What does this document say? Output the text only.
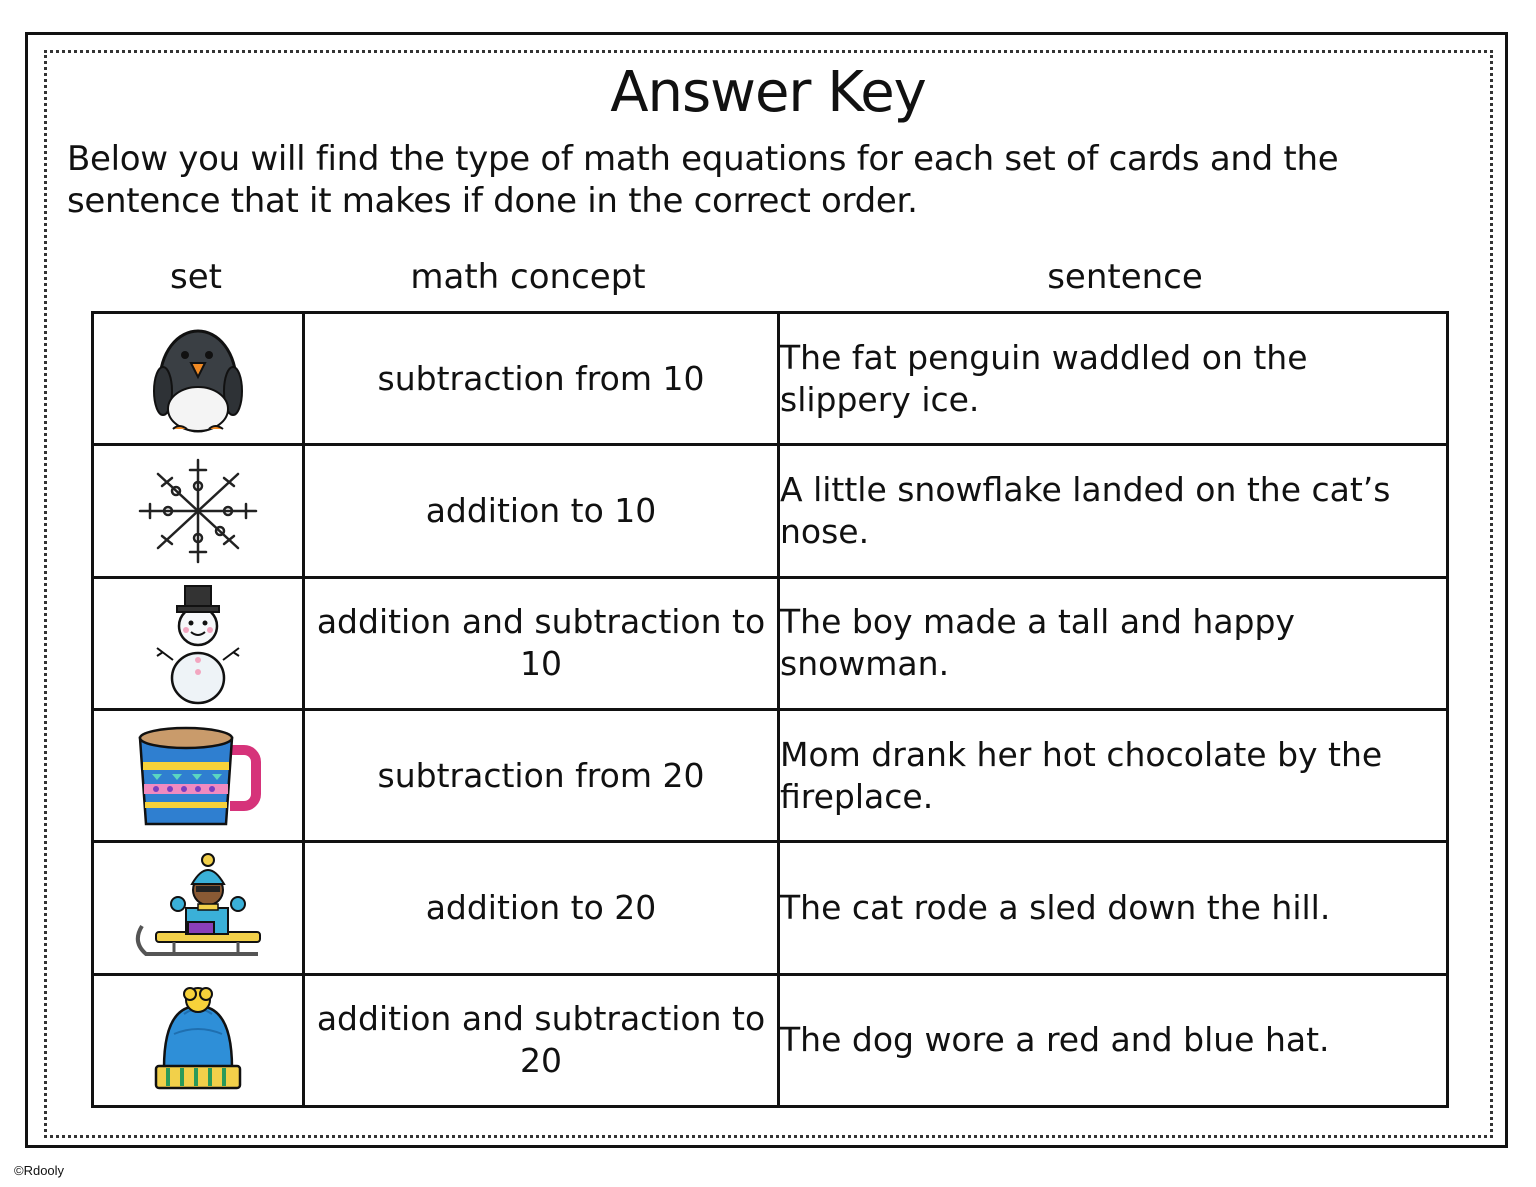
Answer Key
Below you will find the type of math equations for each set of cards and the
sentence that it makes if done in the correct order.
set	math concept	sentence
	subtraction from 10	The fat penguin waddled on the slippery ice.

	addition to 10	A little snowflake landed on the cat’s nose.

	addition and subtraction to 10	The boy made a tall and happy snowman.

	subtraction from 20	Mom drank her hot chocolate by the fireplace.

	addition to 20	The cat rode a sled down the hill.

	addition and subtraction to 20	The dog wore a red and blue hat.
©Rdooly
